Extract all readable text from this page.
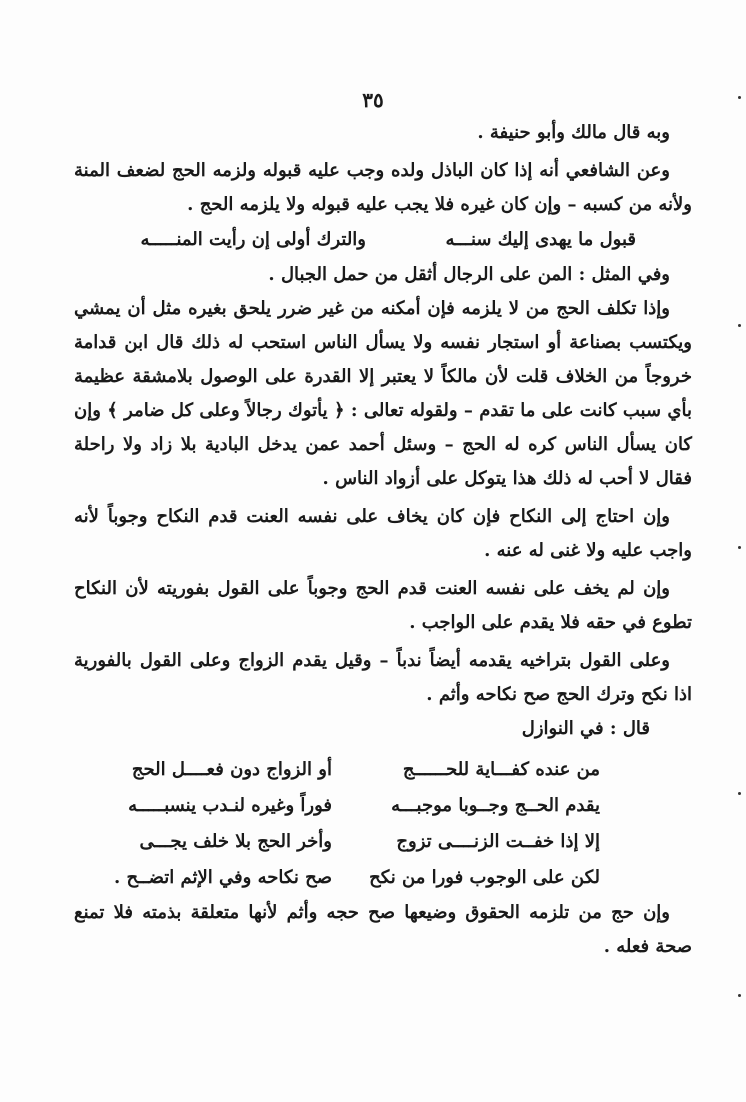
٣٥

وبه قال مالك وأبو حنيفة .

وعن الشافعي أنه إذا كان الباذل ولده وجب عليه قبوله ولزمه الحج لضعف المنة ولأنه من كسبه – وإن كان غيره فلا يجب عليه قبوله ولا يلزمه الحج .

قبول ما يهدى إليك سنـــه
والترك أولى إن رأيت المنـــــه

وفي المثل : المن على الرجال أثقل من حمل الجبال .

وإذا تكلف الحج من لا يلزمه فإن أمكنه من غير ضرر يلحق بغيره مثل أن يمشي ويكتسب بصناعة أو استجار نفسه ولا يسأل الناس استحب له ذلك قال ابن قدامة خروجاً من الخلاف قلت لأن مالكاً لا يعتبر إلا القدرة على الوصول بلامشقة عظيمة بأي سبب كانت على ما تقدم – ولقوله تعالى : ﴿ يأتوك رجالاً وعلى كل ضامر ﴾ وإن كان يسأل الناس كره له الحج – وسئل أحمد عمن يدخل البادية بلا زاد ولا راحلة فقال لا أحب له ذلك هذا يتوكل على أزواد الناس .

وإن احتاج إلى النكاح فإن كان يخاف على نفسه العنت قدم النكاح وجوباً لأنه واجب عليه ولا غنى له عنه .

وإن لم يخف على نفسه العنت قدم الحج وجوباً على القول بفوريته لأن النكاح تطوع في حقه فلا يقدم على الواجب .

وعلى القول بتراخيه يقدمه أيضاً ندباً – وقيل يقدم الزواج وعلى القول بالفورية اذا نكح وترك الحج صح نكاحه وأثم .

قال : في النوازل

من عنده كفـــاية للحــــــج
أو الزواج دون فعــــل الحج
يقدم الحــج وجــوبا موجبـــه
فوراً وغيره لنـدب ينسبـــــه
إلا إذا خفــت الزنــــى تزوج
وأخر الحج بلا خلف يجـــى
لكن على الوجوب فورا من نكح
صح نكاحه وفي الإثم اتضــح .

وإن حج من تلزمه الحقوق وضيعها صح حجه وأثم لأنها متعلقة بذمته فلا تمنع صحة فعله .
